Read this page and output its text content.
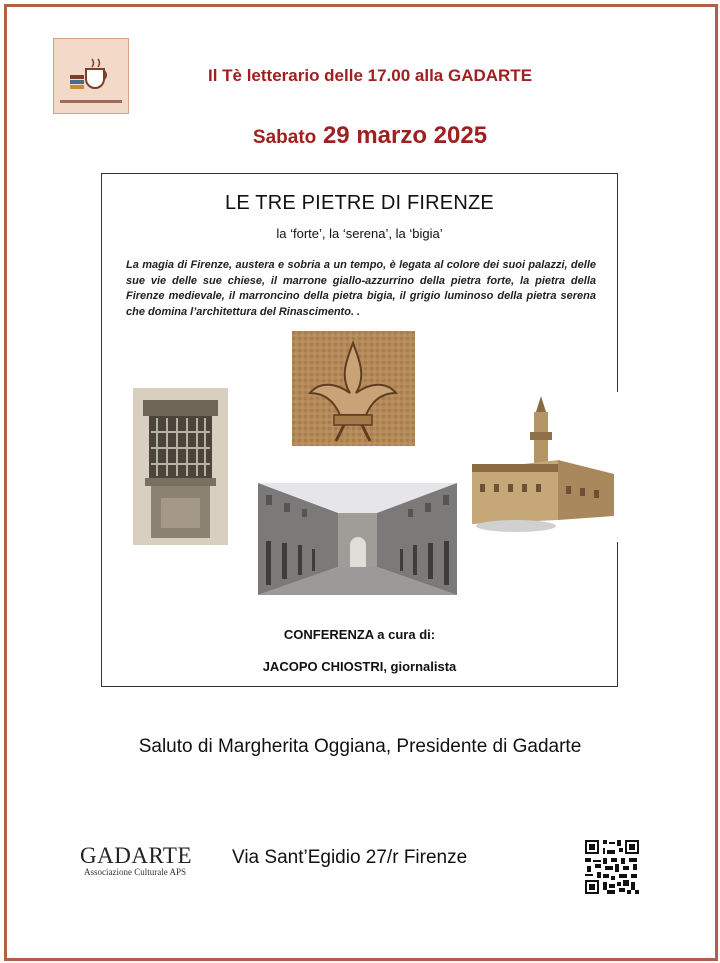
Il Tè letterario delle 17.00 alla GADARTE
Sabato 29 marzo 2025
LE TRE PIETRE DI FIRENZE
la ‘forte’, la ‘serena’, la ‘bigia’
La magia di Firenze, austera e sobria a un tempo, è legata al colore dei suoi palazzi, delle sue vie delle sue chiese, il marrone giallo-azzurrino della pietra forte, la pietra della Firenze medievale, il marroncino della pietra bigia, il grigio luminoso della pietra serena che domina l’architettura del Rinascimento. .
CONFERENZA a cura di:
JACOPO CHIOSTRI, giornalista
Saluto di Margherita Oggiana, Presidente di Gadarte
GADARTE
Associazione Culturale APS
Via Sant’Egidio 27/r Firenze
